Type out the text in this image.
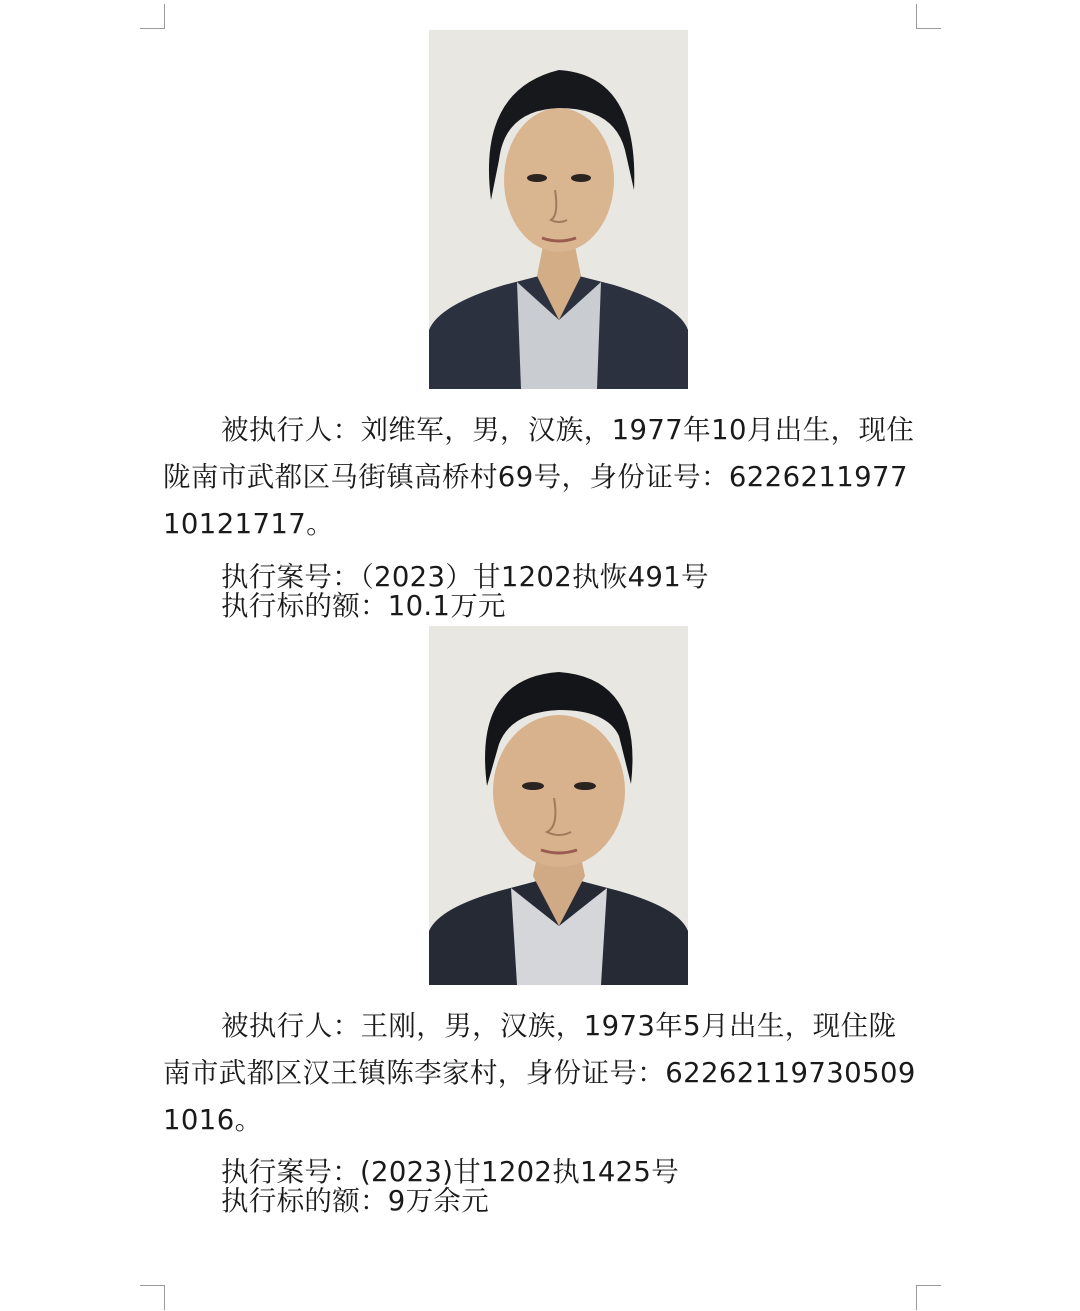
被执行人：刘维军，男，汉族，1977年10月出生，现住陇南市武都区马街镇高桥村69号，身份证号：622621197710121717。
执行案号：（2023）甘1202执恢491号
执行标的额：10.1万元
被执行人：王刚，男，汉族，1973年5月出生，现住陇南市武都区汉王镇陈李家村，身份证号：622621197305091016。
执行案号：(2023)甘1202执1425号
执行标的额：9万余元
